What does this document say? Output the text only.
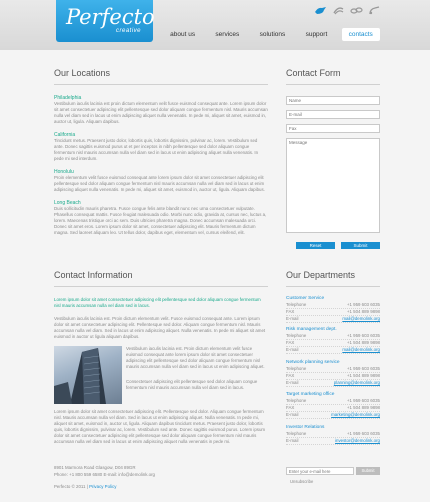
Perfecto
creative	about us	services	solutions	support	contacts
Our Locations
Philadelphia
Vestibulum iaculis lacinia est proin dictum elementum velit fusce euismod consequat ante. Lorem ipsum dolor sit amet consectetuer adipiscing elit pellentesque sed dolor aliquam congue fermentum nisl. Mauris accumsan nulla vel diam sed in lacus ut enim adipiscing aliquet nulla venenatis. In pede mi, aliquet sit amet, euismod in, auctor ut, ligula. Aliquam dapibus.
California
Tincidunt metus. Praesent justo dolor, lobortis quis, lobortis dignissim, pulvinar ac, lorem. Vestibulum sed ante. Donec sagittis euismod purus ut et per inceptos in nibh pellentesque sed dolor aliquam congue fermentum nisl mauris accumsan nulla vel diam sed in lacus ut enim adipiscing aliquet nulla venenatis. In pede mi sed interdum.
Honolulu
Proin elementum velit fusce euismod consequat ante lorem ipsum dolor sit amet consectetuer adipiscing elit pellentesque sed dolor aliquam congue fermentum nisl mauris accumsan nulla vel diam sed in lacus ut enim adipiscing aliquet nulla venenatis. In pede mi, aliquet sit amet, euismod in, auctor ut, ligula. Aliquam dapibus.
Long Beach
Duis sollicitudin mauris pharetra. Fusce congue felis ante blandit nunc nec urna consectetuer vulputate. Phasellus consequat mattis. Fusce feugiat malesuada odio. Morbi nunc odio, gravida at, cursus nec, luctus a, lorem. Maecenas tristique orci ac sem. Duis ultricies pharetra magna. Donec accumsan malesuada orci. Donec sit amet eros. Lorem ipsum dolor sit amet, consectetuer adipiscing elit. Mauris fermentum dictum magna. Sed laoreet aliquam leo. Ut tellus dolor, dapibus eget, elementum vel, cursus eleifend, elit.
Contact Form
Name
E-mail
Fax
Message
Reset	Submit
Contact Information
Lorem ipsum dolor sit amet consectetuer adipiscing elit pellentesque sed dolor aliquam congue fermentum nisl mauris accumsan nulla vel diam sed in lacus.
Vestibulum iaculis lacinia est. Proin dictum elementum velit. Fusce euismod consequat ante. Lorem ipsum dolor sit amet consectetuer adipiscing elit. Pellentesque sed dolor. Aliquam congue fermentum nisl. Mauris accumsan nulla vel diam. Sed in lacus ut enim adipiscing aliquet. Nulla venenatis. In pede mi aliquet sit amet euismod in auctor ut ligula aliquam dapibus.
Vestibulum iaculis lacinia est. Proin dictum elementum velit fusce euismod consequat ante lorem ipsum dolor sit amet consectetuer adipiscing elit pellentesque sed dolor aliquam congue fermentum nisl mauris accumsan nulla vel diam sed in lacus ut enim adipiscing aliquet.
Consectetuer adipiscing elit pellentesque sed dolor aliquam congue fermentum nisl mauris accumsan nulla vel diam sed in lacus.
Lorem ipsum dolor sit amet consectetuer adipiscing elit. Pellentesque sed dolor. Aliquam congue fermentum nisl. Mauris accumsan nulla vel diam. Sed in lacus ut enim adipiscing aliquet. Nulla venenatis. In pede mi, aliquet sit amet, euismod in, auctor ut, ligula. Aliquam dapibus tincidunt metus. Praesent justo dolor, lobortis quis, lobortis dignissim, pulvinar ac, lorem. Vestibulum sed ante. Donec sagittis euismod purus. Lorem ipsum dolor sit amet consectetuer adipiscing elit pellentesque sed dolor aliquam congue fermentum nisl mauris accumsan nulla vel diam sed in lacus ut enim adipiscing aliquet nulla venenatis in pede mi.
8901 Marmora Road Glasgow, D04 89GR
Phone: +1 800 559 6580 E-mail: info@demolink.org
Perfecto © 2011 | Privacy Policy
Our Departments
Customer Service
Telephone	+1 959 603 6035
FAX	+1 504 889 9898
E-mail	mail@demolink.org
Risk management dept.
Telephone	+1 959 603 6035
FAX	+1 504 889 9898
E-mail	mail@demolink.org
Network planning service
Telephone	+1 959 603 6035
FAX	+1 504 889 9898
E-mail	planning@demolink.org
Target marketing office
Telephone	+1 959 603 6035
FAX	+1 504 889 9898
E-mail	marketing@demolink.org
Investor Relations
Telephone	+1 959 603 6035
E-mail	investor@demolink.org
Enter your e-mail here
Submit
Unsubscribe
